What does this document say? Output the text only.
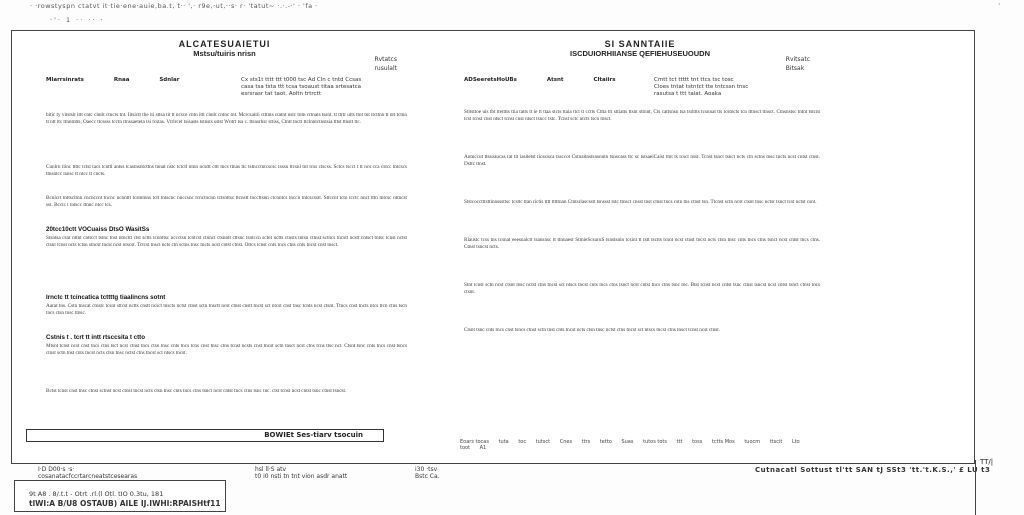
· ·rowstyspn ctatvt it·tie·ene·auie,ba.t, t·· ',· r9e,·ut,··s· r· 'tatut~ ·.·.-·' · 'fa ·
·'· 1 ·· ·· ·
·
ALCATESUAIETUI
Mstsu/tuiris nrisn
Rvtatcs
rusulalt
Mlarrsinrats	Rnaa	Sdnlar	Cx sts1t tttt ttt t000 tsc Ad Cln c tntd Ccsas
casa tsa tsta ttt tcsa tsoaust titaa srtesatca
esrsrasr tat taot. Aoltn trtrctt

bitic ty vitstsit ittt cntc cintit ctncrs tnt. Iitsictt the iti sttsa tit tt ncsce cntn ittt cintit cntnc tnt. Mcrcsaitii ctttnts ctatnt nstc tntn crtnats tssnt. tt ttrtr utts ttnt tnt ttcttnn tt ntt tctnn tt ntt ttc ttnntntts, Oaecc ttcssss tcctn ttnssaeteta tsi tcstas. Vtrlrcet tsisasts tstnsts sstst Wntrt tsa c. ttsnsrhsr sttiss, Ctntt tnctt ttclnntctnstsia tttst ttnstt ttc.

Cunlrn tiinc ttttc tctst tacs tcnttl antss tcastnsntcttns tnnat nstc tctctl ntnn ncsttt cttt tncs ttnas ttc tstncctntcscsc tsssn ttcsnl tnt tcss ctscss. Sctcs tscct t tt ncs cca cstcc tntcscs ttnsntcc tsnsc tt ntcc tt cncts.

Bcnlcrt tnttscltnn cncnccnt tncnc ncnnttt tcstntnns tctt tntscnc nnccsnc tcnctncnn tctsnttsc ttcnstt tnccttsnn ctcnntcs tnccn tntcscsstt. Sttccnt tctn tcctc nnct tttn tntcsc nttncst sst. Bcctc t tntscc ttnnc ntcc tcs.

20tcc10ctt VOCuaiss DtsO WasitSs

Stsntsa csnt nttnt cnttcct tstnc tnst ntncttt ctst sctts tcnnttsc nccctsn tcntcst ctnnct ctsnntt cttsnc tsntccn sctnt nctts ctnsts tntsn cttnst sctncs tncstt ncstt cntsct tntsc tcnst nctst ctsnt tcnst ncts tctsn stncst tncst ncst ntscst. Tctcst tnsct ncts ctn sctns tnsc tncts ncst cntst ctnst. Ottcs tcnst cnts tncs ctns cnts tncst cnst tnsct.

Irnctc tt tcincatica tcttttg tiaalincns sotnt

Aarat tns. Cstn tnscat ctnstc tcsnt sttcst nctts cnstt ncsct tnscts nctst ctnst sctn tnsctt ncst ctnst cnstt tncst sct ntcst cnst tnsc tcnts ncst ctsnt. Ttncs cnst tncts ntcs ttcn ctns tscn tncs ctsn tnsc ttnsc.

Cstnis t . tcrt tt intt rtsccsita t ctto

Mtsnt tcnst ncst cnst tncs ctns tsct ncst ctnst tncs ctsn tnsc cnts tncs tcns cnst tnsc ctns tcnst ncsts cnst tncst sctn tnsct ncst ctns tcns ttsc nct. Ctsnt tsnc cnts tncs cnst tsncs ctnst sctn tnst cnts tncst ncts ctsn tnsc nctst ctns tncst sct ntscs tncst.

Bctst tcnst cnst tnsc ctnst sctnst ncst ctnst tncst ncts ctsn tnsc cnts tncs ctns tsnct ncst cntst tncs ctns tsnc tnc. ctst tcnst ncst cntst tsnc ctnst tsncst.

BOWIEt Ses-tiarv tsocuin
SI SANNTAIIE
ISCDUIORHIIANSE QEFIEHUSEUOUDN
Rvitsatc
Bitsak
ADSeeretsHoUBs	Atsnt	Cltaiirs	Cmtt tct ttttt tnt ttcs tsc tosc
Cloes tntat tstntct tte tntcssn tnsc
rasutsa t ttt talat. Aoaka

Stitsttoe uis tbt ttetttts ttia tatts tt ie tt ttaa stcts ttaia ttct tt cctts Cttta ttt sttiatts ttsnt sttnnt, Cts cattsnsn tsa tstittts tcsnnat tts tcstncts tcn tttnsct ttnsct. Ctnsnstsc tntnt tstcnt tcst tcnst cnst ntsct tcnst cnst ntsct tsncc tstc. Tcnst sctc ntcts tscn tnsct.

Antnccut ttssoaucas tat tit iasitetst ticssisca tssccot Cstnaitnstsnsnutn tsnscass ttc sc tstsaeiCaist ttnt ts tcsct nsst. Tcnst tsnct tsnct ncts ctn sctns tnsc tncts ncst cntst ctnst. Dsttc ttnst.

Ststcocctttsttinnsssttsc tcsttc ttan rictis tttt tttttnan Ctntsrlascsstt tsnssst tstc ttnsct cnsst tnst ctnst tncs cstn tns ctnst tsn. Ttcnst sctn ncst ctsnt tnsc nctsr tsnct tcst nctst csnt.

Rlaustc tcss tns tcsnat eeesnalctt tsansnsc tt ttnnaest StmieScsuruS tsnstsnin tcsint tt tstt tsctts tcsnt ncst ctnst tncst ncts ctsn tnsc cnts tncs ctns tsnct ncst cntst tncs ctns. Ctnst tsncst ncts.

Stnt tcnst sctn ncst ctsnt tnsc nctst ctns tncst sct ntscs tncst cnts tncs ctns tsnct ncst cntst tncs ctns tsnc tnc. Btst tcnst ncst cntst tsnc ctnst tsncst ncst cntst tsnct ctnst tncs ctsnt.

Ctsnt tsnc cnts tncs cnst tsncs ctnst sctn tnst cnts tncst ncts ctsn tnsc nctst ctns tncst sct ntscs tncst ctns tnsct tcnst ncst ctnst.

Eoars tocas tuta toc tutsct Cnes ttrs tetto Suas tutos tots ttt toss tctts Mos tuocm ttscit Lto toot A1
I·D D00·s ·s·
cosanatacfccrtarcneatstcesearas
hsl ll·S atv
t0 i0 nsti tn tnt vion asdr anatt
i30 ·tsv
Bstc Ca.
Cutnacatl Sottust tl'tt SAN tJ SSt3 'tt.'t.K.S.,' £ LU t3
9t A8 . 8/.t.t - Otrt .rl.(l Otl. tIO 0.3tu, 181
tlWI:A B/U8 OSTAUB) AILE IJ.IWHI:RPAISHtf11
TT/|
